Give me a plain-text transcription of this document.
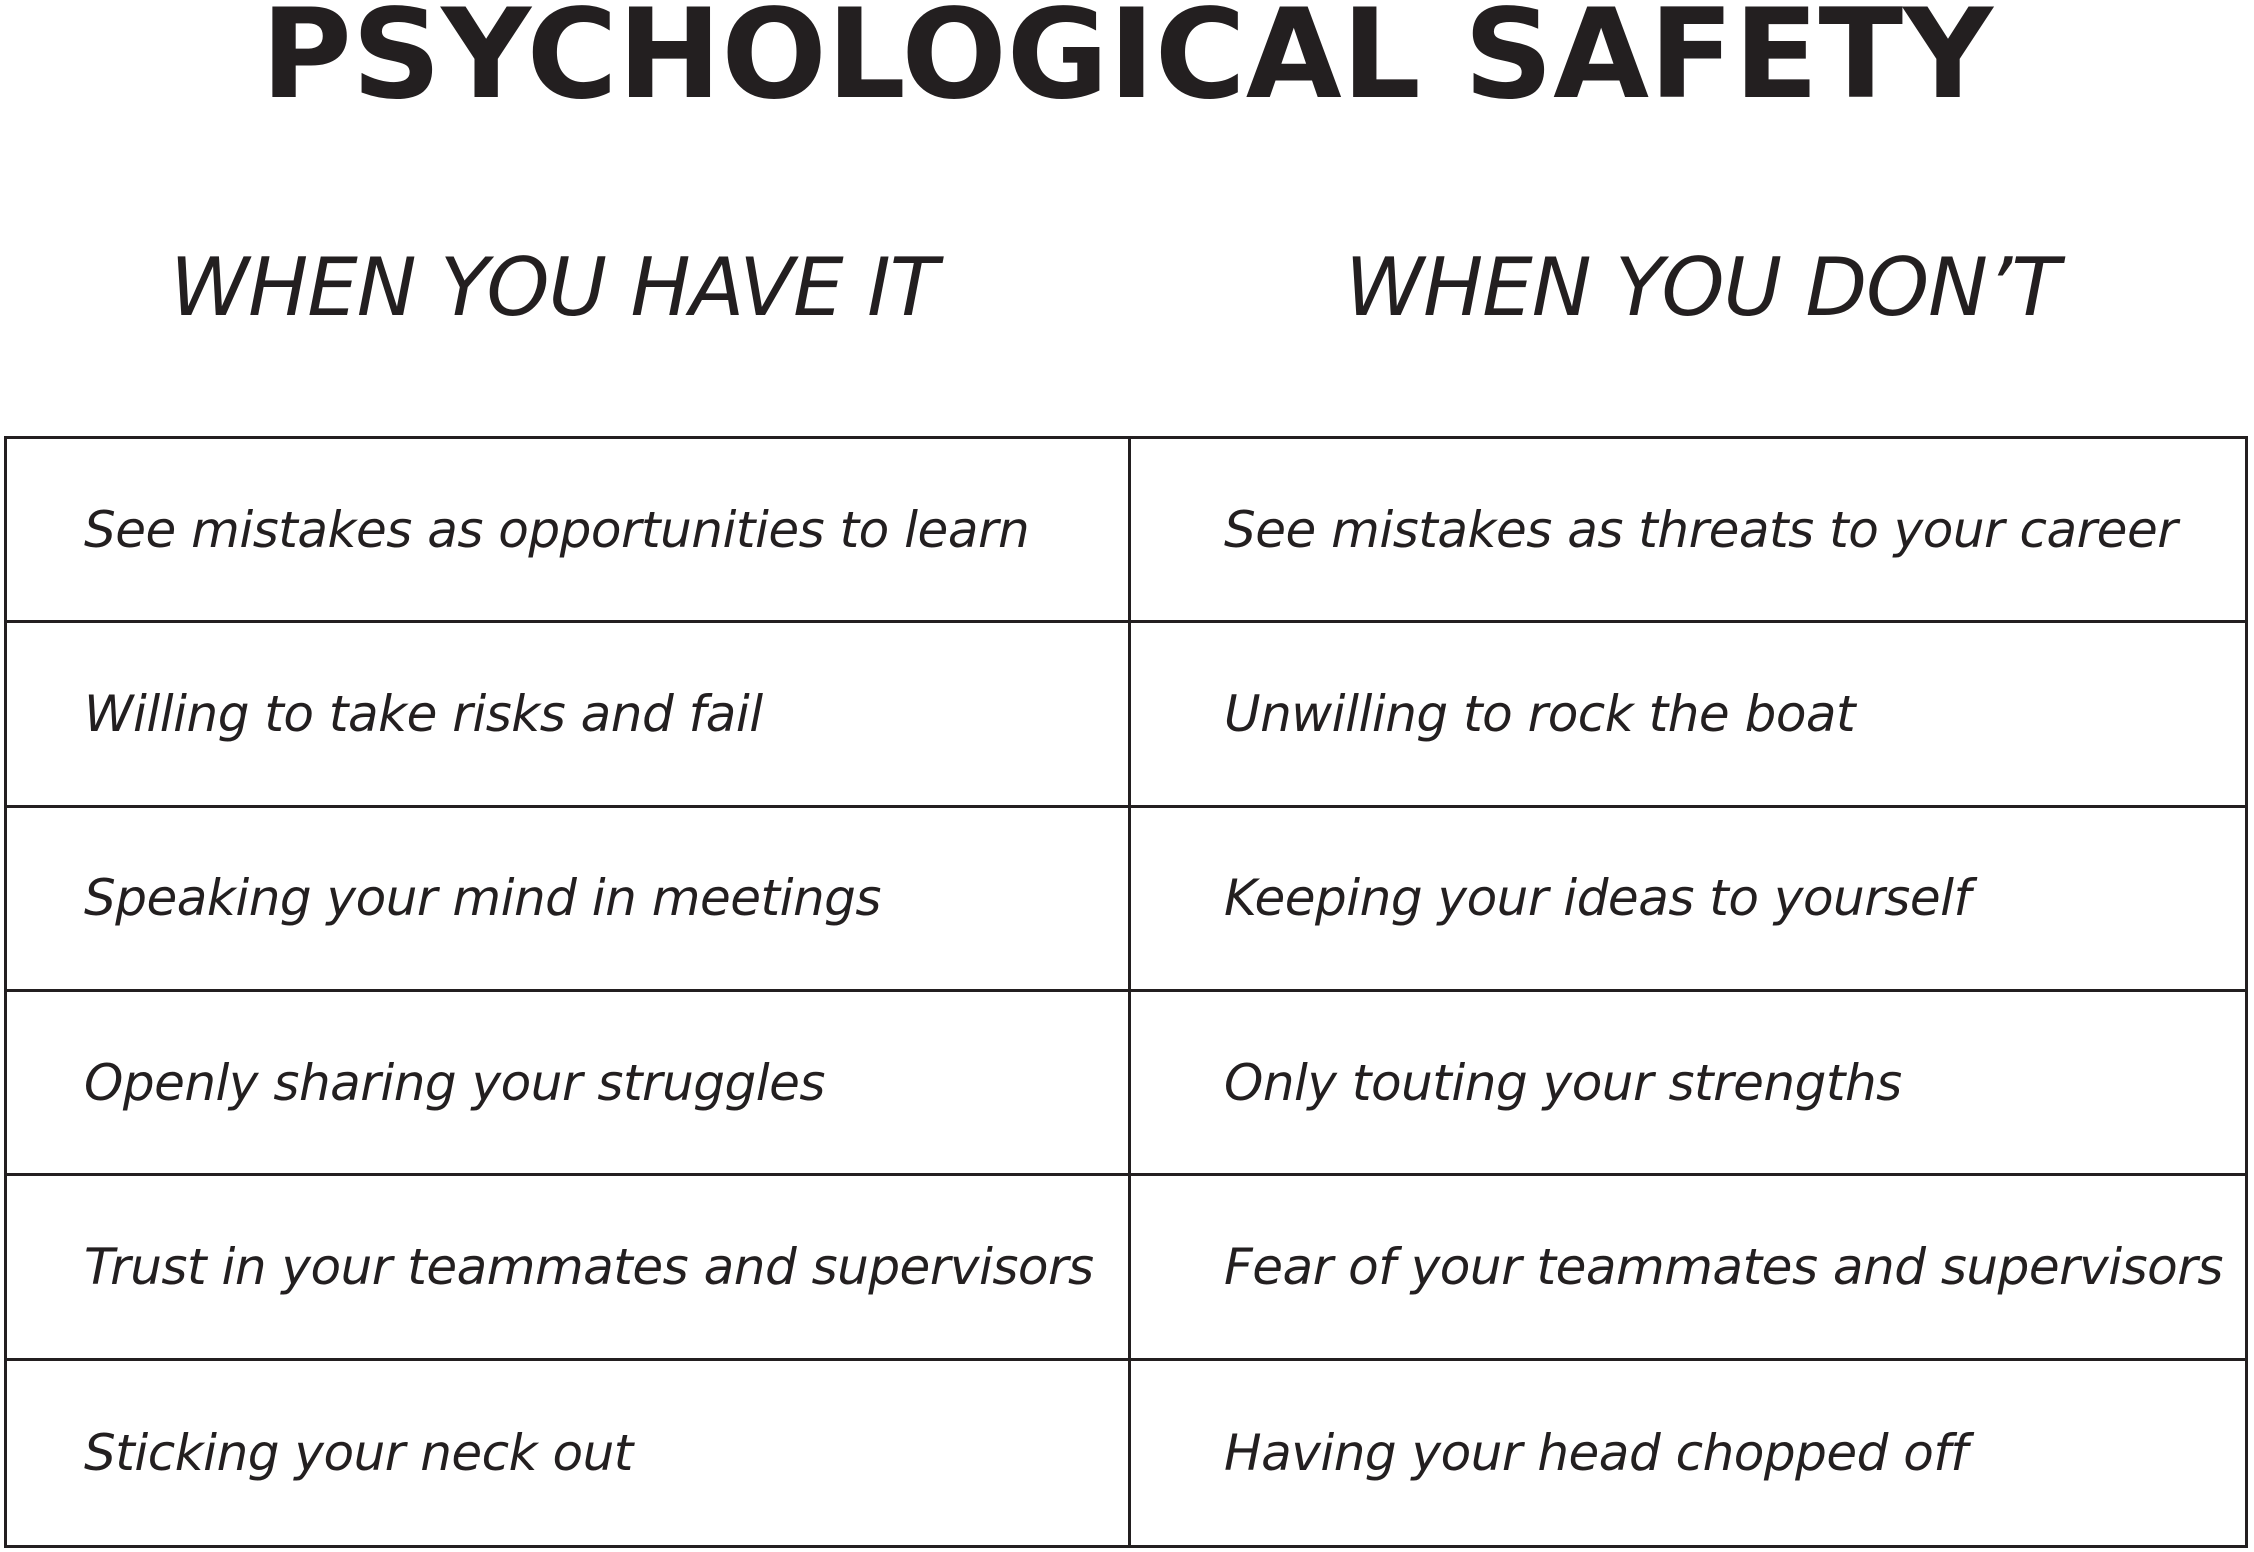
PSYCHOLOGICAL SAFETY
WHEN YOU HAVE IT	WHEN YOU DON’T
See mistakes as opportunities to learn	See mistakes as threats to your career
Willing to take risks and fail	Unwilling to rock the boat
Speaking your mind in meetings	Keeping your ideas to yourself
Openly sharing your struggles	Only touting your strengths
Trust in your teammates and supervisors	Fear of your teammates and supervisors
Sticking your neck out	Having your head chopped off
